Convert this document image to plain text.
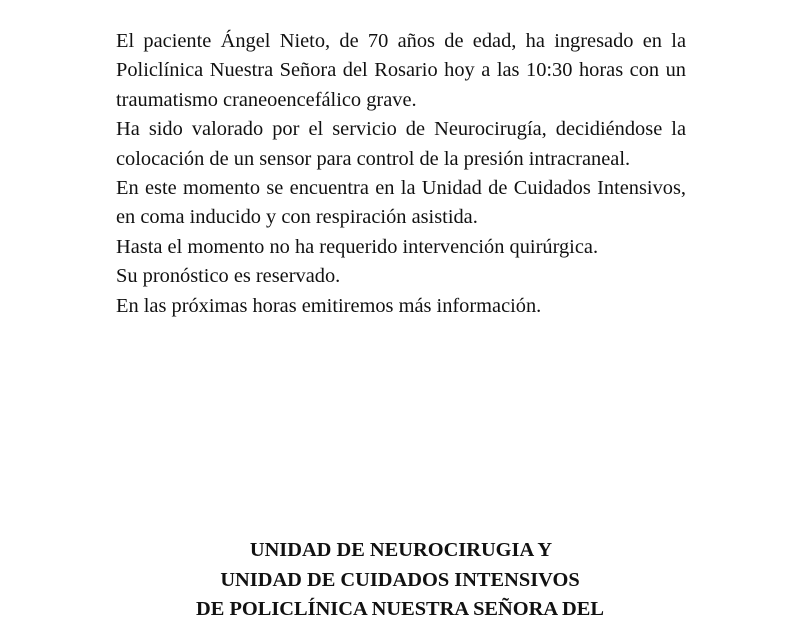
El paciente Ángel Nieto, de 70 años de edad, ha ingresado en la Policlínica Nuestra Señora del Rosario hoy a las 10:30 horas con un traumatismo craneoencefálico grave.

Ha sido valorado por el servicio de Neurocirugía, decidiéndose la colocación de un sensor para control de la presión intracraneal.

En este momento se encuentra en la Unidad de Cuidados Intensivos, en coma inducido y con respiración asistida.

Hasta el momento no ha requerido intervención quirúrgica.

Su pronóstico es reservado.

En las próximas horas emitiremos más información.

UNIDAD DE NEUROCIRUGIA Y
UNIDAD DE CUIDADOS INTENSIVOS
DE POLICLÍNICA NUESTRA SEÑORA DEL
